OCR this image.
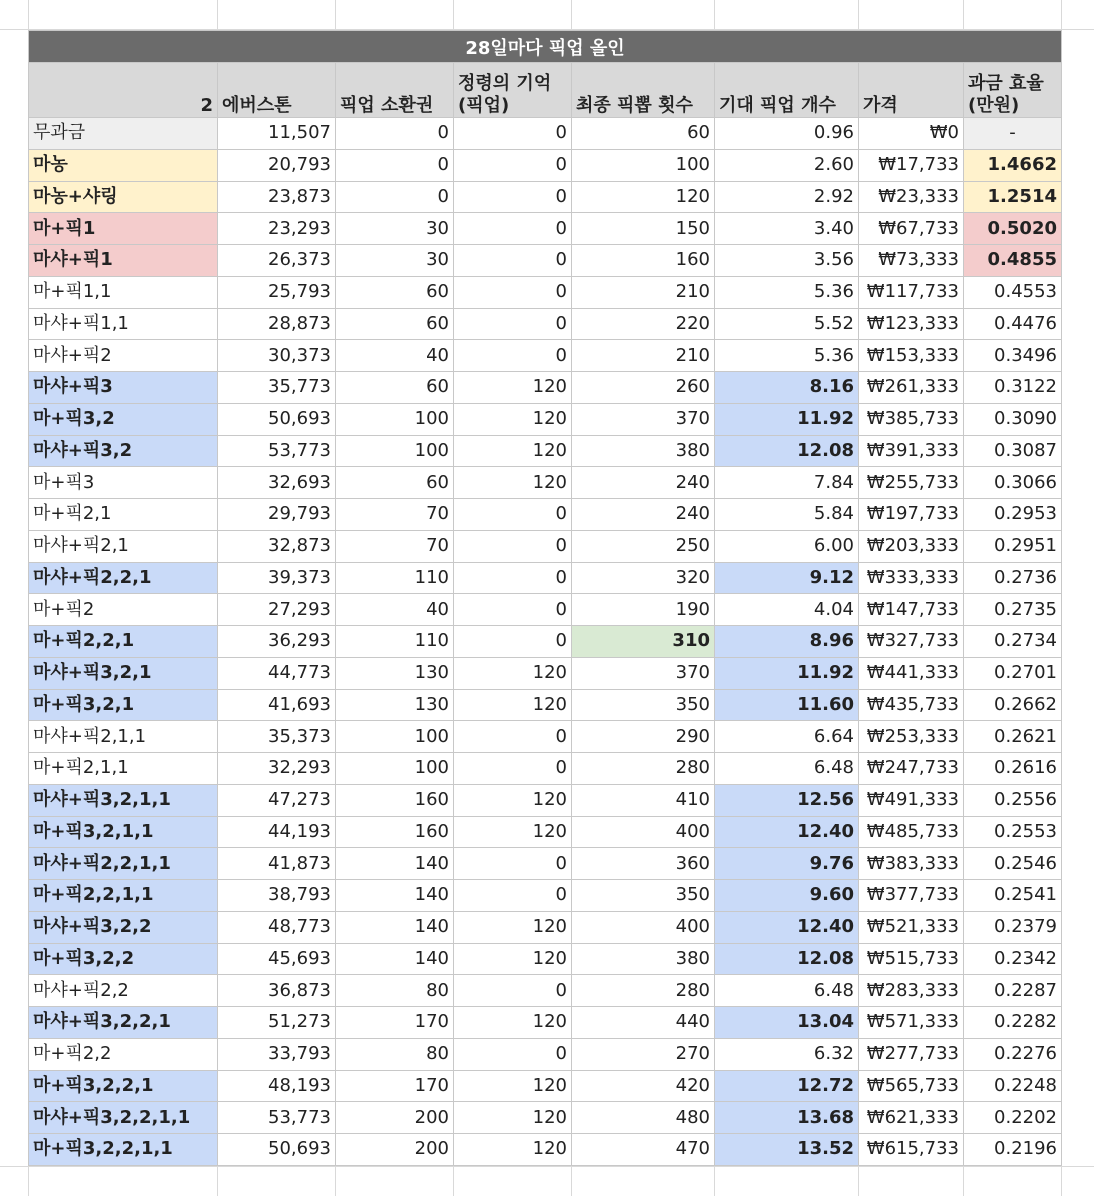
28일마다 픽업 올인							
2	에버스톤	픽업 소환권	정령의 기억
(픽업)	최종 픽뽑 횟수	기대 픽업 개수	가격	과금 효율
(만원)
무과금	11,507	0	0	60	0.96	₩0	-
마농	20,793	0	0	100	2.60	₩17,733	1.4662
마농+샤링	23,873	0	0	120	2.92	₩23,333	1.2514
마+픽1	23,293	30	0	150	3.40	₩67,733	0.5020
마샤+픽1	26,373	30	0	160	3.56	₩73,333	0.4855
마+픽1,1	25,793	60	0	210	5.36	₩117,733	0.4553
마샤+픽1,1	28,873	60	0	220	5.52	₩123,333	0.4476
마샤+픽2	30,373	40	0	210	5.36	₩153,333	0.3496
마샤+픽3	35,773	60	120	260	8.16	₩261,333	0.3122
마+픽3,2	50,693	100	120	370	11.92	₩385,733	0.3090
마샤+픽3,2	53,773	100	120	380	12.08	₩391,333	0.3087
마+픽3	32,693	60	120	240	7.84	₩255,733	0.3066
마+픽2,1	29,793	70	0	240	5.84	₩197,733	0.2953
마샤+픽2,1	32,873	70	0	250	6.00	₩203,333	0.2951
마샤+픽2,2,1	39,373	110	0	320	9.12	₩333,333	0.2736
마+픽2	27,293	40	0	190	4.04	₩147,733	0.2735
마+픽2,2,1	36,293	110	0	310	8.96	₩327,733	0.2734
마샤+픽3,2,1	44,773	130	120	370	11.92	₩441,333	0.2701
마+픽3,2,1	41,693	130	120	350	11.60	₩435,733	0.2662
마샤+픽2,1,1	35,373	100	0	290	6.64	₩253,333	0.2621
마+픽2,1,1	32,293	100	0	280	6.48	₩247,733	0.2616
마샤+픽3,2,1,1	47,273	160	120	410	12.56	₩491,333	0.2556
마+픽3,2,1,1	44,193	160	120	400	12.40	₩485,733	0.2553
마샤+픽2,2,1,1	41,873	140	0	360	9.76	₩383,333	0.2546
마+픽2,2,1,1	38,793	140	0	350	9.60	₩377,733	0.2541
마샤+픽3,2,2	48,773	140	120	400	12.40	₩521,333	0.2379
마+픽3,2,2	45,693	140	120	380	12.08	₩515,733	0.2342
마샤+픽2,2	36,873	80	0	280	6.48	₩283,333	0.2287
마샤+픽3,2,2,1	51,273	170	120	440	13.04	₩571,333	0.2282
마+픽2,2	33,793	80	0	270	6.32	₩277,733	0.2276
마+픽3,2,2,1	48,193	170	120	420	12.72	₩565,733	0.2248
마샤+픽3,2,2,1,1	53,773	200	120	480	13.68	₩621,333	0.2202
마+픽3,2,2,1,1	50,693	200	120	470	13.52	₩615,733	0.2196
